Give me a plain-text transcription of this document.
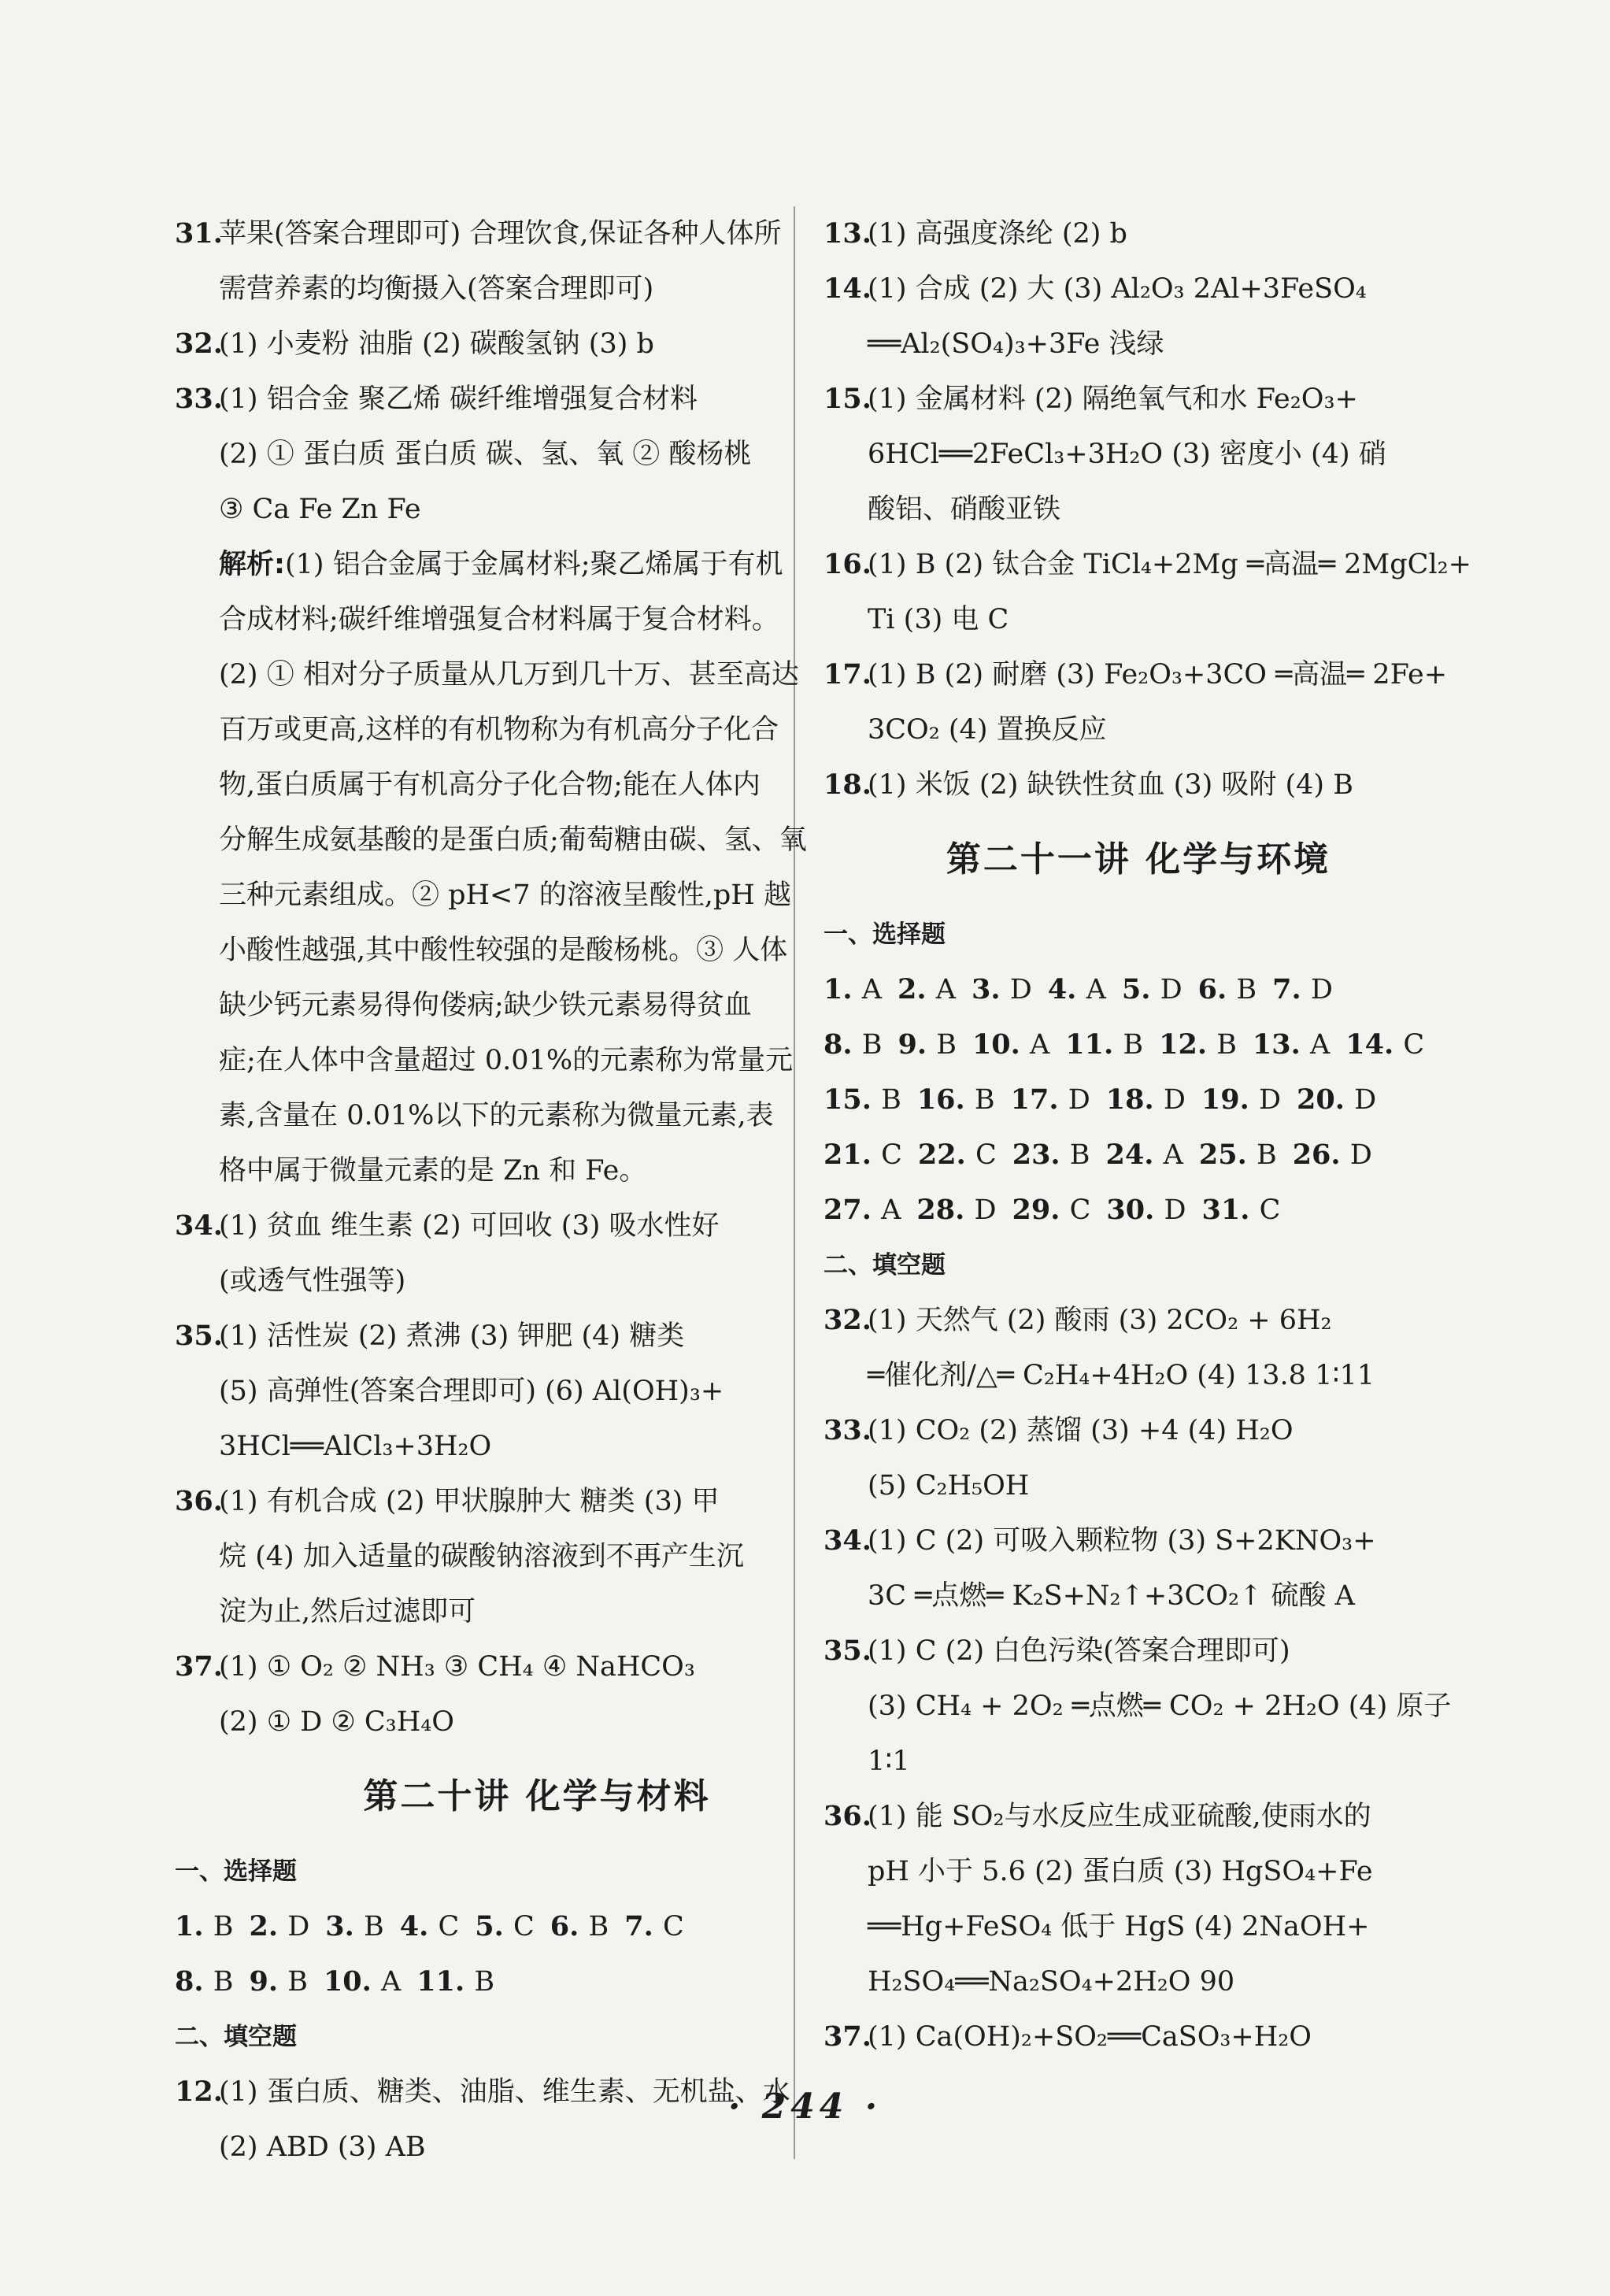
31.
苹果(答案合理即可) 合理饮食,保证各种人体所
需营养素的均衡摄入(答案合理即可)
32.
(1) 小麦粉 油脂 (2) 碳酸氢钠 (3) b
33.
(1) 铝合金 聚乙烯 碳纤维增强复合材料
(2) ① 蛋白质 蛋白质 碳、氢、氧 ② 酸杨桃
③ Ca Fe Zn Fe
解析:(1) 铝合金属于金属材料;聚乙烯属于有机
合成材料;碳纤维增强复合材料属于复合材料。
(2) ① 相对分子质量从几万到几十万、甚至高达
百万或更高,这样的有机物称为有机高分子化合
物,蛋白质属于有机高分子化合物;能在人体内
分解生成氨基酸的是蛋白质;葡萄糖由碳、氢、氧
三种元素组成。② pH<7 的溶液呈酸性,pH 越
小酸性越强,其中酸性较强的是酸杨桃。③ 人体
缺少钙元素易得佝偻病;缺少铁元素易得贫血
症;在人体中含量超过 0.01%的元素称为常量元
素,含量在 0.01%以下的元素称为微量元素,表
格中属于微量元素的是 Zn 和 Fe。
34.
(1) 贫血 维生素 (2) 可回收 (3) 吸水性好
(或透气性强等)
35.
(1) 活性炭 (2) 煮沸 (3) 钾肥 (4) 糖类
(5) 高弹性(答案合理即可) (6) Al(OH)₃+
3HCl══AlCl₃+3H₂O
36.
(1) 有机合成 (2) 甲状腺肿大 糖类 (3) 甲
烷 (4) 加入适量的碳酸钠溶液到不再产生沉
淀为止,然后过滤即可
37.
(1) ① O₂ ② NH₃ ③ CH₄ ④ NaHCO₃
(2) ① D ② C₃H₄O
第二十讲 化学与材料
一、选择题
1. B 2. D 3. B 4. C 5. C 6. B 7. C
8. B 9. B 10. A 11. B
二、填空题
12.
(1) 蛋白质、糖类、油脂、维生素、无机盐、水
(2) ABD (3) AB
13.
(1) 高强度涤纶 (2) b
14.
(1) 合成 (2) 大 (3) Al₂O₃ 2Al+3FeSO₄
══Al₂(SO₄)₃+3Fe 浅绿
15.
(1) 金属材料 (2) 隔绝氧气和水 Fe₂O₃+
6HCl══2FeCl₃+3H₂O (3) 密度小 (4) 硝
酸铝、硝酸亚铁
16.
(1) B (2) 钛合金 TiCl₄+2Mg ═高温═ 2MgCl₂+
Ti (3) 电 C
17.
(1) B (2) 耐磨 (3) Fe₂O₃+3CO ═高温═ 2Fe+
3CO₂ (4) 置换反应
18.
(1) 米饭 (2) 缺铁性贫血 (3) 吸附 (4) B
第二十一讲 化学与环境
一、选择题
1. A 2. A 3. D 4. A 5. D 6. B 7. D
8. B 9. B 10. A 11. B 12. B 13. A 14. C
15. B 16. B 17. D 18. D 19. D 20. D
21. C 22. C 23. B 24. A 25. B 26. D
27. A 28. D 29. C 30. D 31. C
二、填空题
32.
(1) 天然气 (2) 酸雨 (3) 2CO₂ + 6H₂
═催化剂/△═ C₂H₄+4H₂O (4) 13.8 1∶11
33.
(1) CO₂ (2) 蒸馏 (3) +4 (4) H₂O
(5) C₂H₅OH
34.
(1) C (2) 可吸入颗粒物 (3) S+2KNO₃+
3C ═点燃═ K₂S+N₂↑+3CO₂↑ 硫酸 A
35.
(1) C (2) 白色污染(答案合理即可)
(3) CH₄ + 2O₂ ═点燃═ CO₂ + 2H₂O (4) 原子
1∶1
36.
(1) 能 SO₂与水反应生成亚硫酸,使雨水的
pH 小于 5.6 (2) 蛋白质 (3) HgSO₄+Fe
══Hg+FeSO₄ 低于 HgS (4) 2NaOH+
H₂SO₄══Na₂SO₄+2H₂O 90
37.
(1) Ca(OH)₂+SO₂══CaSO₃+H₂O
· 244 ·
